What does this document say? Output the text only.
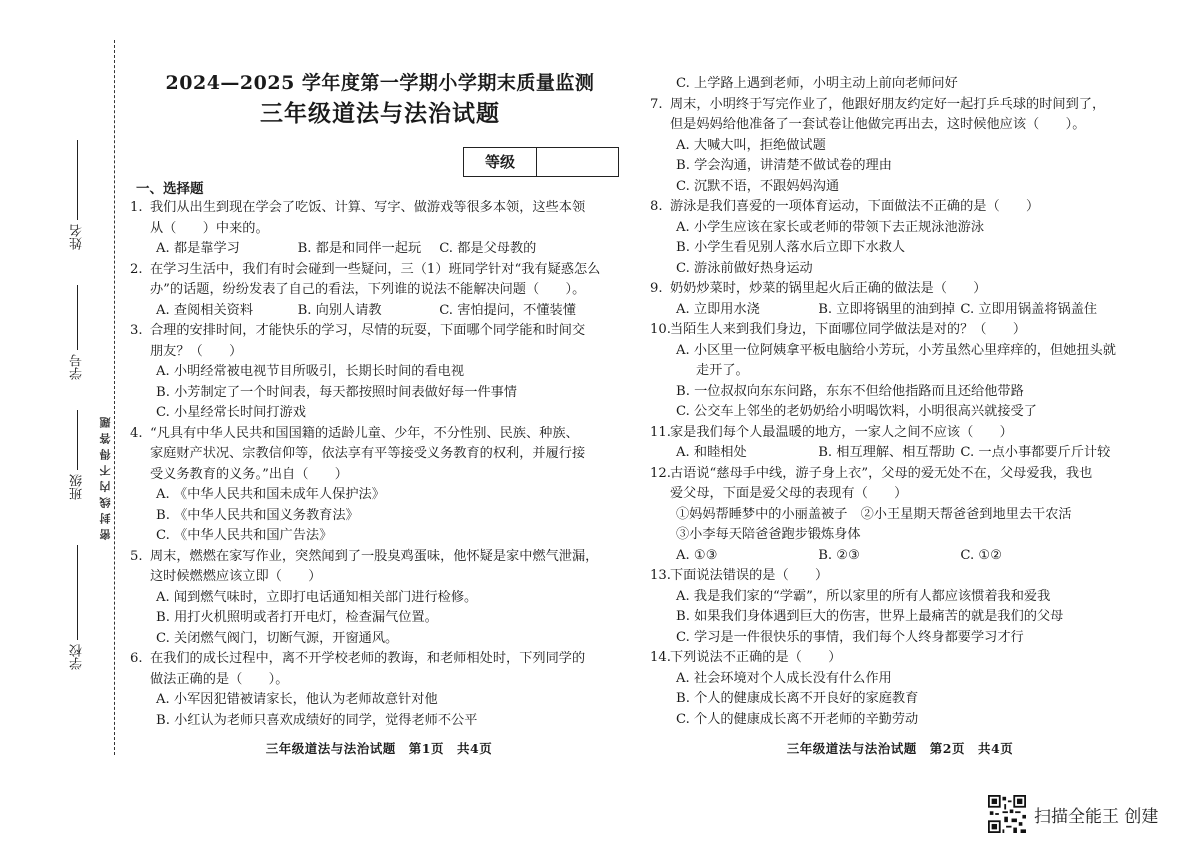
姓名
学号
班级
学校
密封线内不得答题
2024—2025 学年度第一学期小学期末质量监测
三年级道法与法治试题
等级
一、选择题
1. 我们从出生到现在学会了吃饭、计算、写字、做游戏等很多本领，这些本领
从（　　）中来的。
A. 都是靠学习	B. 都是和同伴一起玩	C. 都是父母教的
2. 在学习生活中，我们有时会碰到一些疑问，三（1）班同学针对“我有疑惑怎么
办”的话题，纷纷发表了自己的看法，下列谁的说法不能解决问题（　　）。
A. 查阅相关资料	B. 向别人请教	C. 害怕提问，不懂装懂
3. 合理的安排时间，才能快乐的学习，尽情的玩耍，下面哪个同学能和时间交
朋友？（　　）
A. 小明经常被电视节目所吸引，长期长时间的看电视
B. 小芳制定了一个时间表，每天都按照时间表做好每一件事情
C. 小星经常长时间打游戏
4. “凡具有中华人民共和国国籍的适龄儿童、少年，不分性别、民族、种族、
家庭财产状况、宗教信仰等，依法享有平等接受义务教育的权利，并履行接
受义务教育的义务。”出自（　　）
A. 《中华人民共和国未成年人保护法》
B. 《中华人民共和国义务教育法》
C. 《中华人民共和国广告法》
5. 周末，燃燃在家写作业，突然闻到了一股臭鸡蛋味，他怀疑是家中燃气泄漏，
这时候燃燃应该立即（　　）
A. 闻到燃气味时，立即打电话通知相关部门进行检修。
B. 用打火机照明或者打开电灯，检查漏气位置。
C. 关闭燃气阀门，切断气源，开窗通风。
6. 在我们的成长过程中，离不开学校老师的教诲，和老师相处时，下列同学的
做法正确的是（　　）。
A. 小军因犯错被请家长，他认为老师故意针对他
B. 小红认为老师只喜欢成绩好的同学，觉得老师不公平
三年级道法与法治试题　第1页　共4页
C. 上学路上遇到老师，小明主动上前向老师问好
7. 周末，小明终于写完作业了，他跟好朋友约定好一起打乒乓球的时间到了，
但是妈妈给他准备了一套试卷让他做完再出去，这时候他应该（　　）。
A. 大喊大叫，拒绝做试题
B. 学会沟通，讲清楚不做试卷的理由
C. 沉默不语，不跟妈妈沟通
8. 游泳是我们喜爱的一项体育运动，下面做法不正确的是（　　）
A. 小学生应该在家长或老师的带领下去正规泳池游泳
B. 小学生看见别人落水后立即下水救人
C. 游泳前做好热身运动
9. 奶奶炒菜时，炒菜的锅里起火后正确的做法是（　　）
A. 立即用水浇	B. 立即将锅里的油到掉 C. 立即用锅盖将锅盖住
10.当陌生人来到我们身边，下面哪位同学做法是对的？（　　）
A. 小区里一位阿姨拿平板电脑给小芳玩，小芳虽然心里痒痒的，但她扭头就
走开了。
B. 一位叔叔向东东问路，东东不但给他指路而且还给他带路
C. 公交车上邻坐的老奶奶给小明喝饮料，小明很高兴就接受了
11.家是我们每个人最温暖的地方，一家人之间不应该（　　）
A. 和睦相处	B. 相互理解、相互帮助 C. 一点小事都要斤斤计较
12.古语说“慈母手中线，游子身上衣”，父母的爱无处不在，父母爱我，我也
爱父母，下面是爱父母的表现有（　　）
①妈妈帮睡梦中的小丽盖被子　②小王星期天帮爸爸到地里去干农活
③小李每天陪爸爸跑步锻炼身体
A. ①③	B. ②③	C. ①②
13.下面说法错误的是（　　）
A. 我是我们家的“学霸”，所以家里的所有人都应该惯着我和爱我
B. 如果我们身体遇到巨大的伤害，世界上最痛苦的就是我们的父母
C. 学习是一件很快乐的事情，我们每个人终身都要学习才行
14.下列说法不正确的是（　　）
A. 社会环境对个人成长没有什么作用
B. 个人的健康成长离不开良好的家庭教育
C. 个人的健康成长离不开老师的辛勤劳动
三年级道法与法治试题　第2页　共4页
扫描全能王 创建
